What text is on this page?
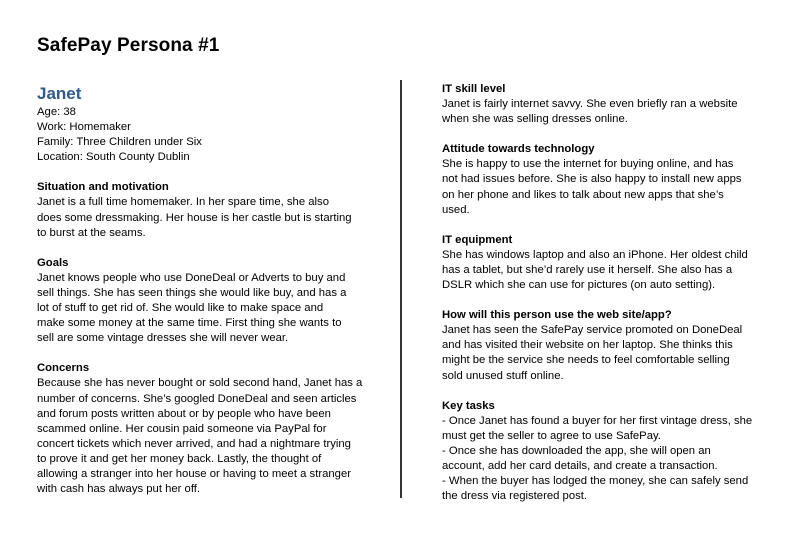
SafePay Persona #1
Janet
Age: 38
Work: Homemaker
Family: Three Children under Six
Location: South County Dublin
Situation and motivation
Janet is a full time homemaker. In her spare time, she also
does some dressmaking. Her house is her castle but is starting
to burst at the seams.
Goals
Janet knows people who use DoneDeal or Adverts to buy and
sell things. She has seen things she would like buy, and has a
lot of stuff to get rid of. She would like to make space and
make some money at the same time. First thing she wants to
sell are some vintage dresses she will never wear.
Concerns
Because she has never bought or sold second hand, Janet has a
number of concerns. She’s googled DoneDeal and seen articles
and forum posts written about or by people who have been
scammed online. Her cousin paid someone via PayPal for
concert tickets which never arrived, and had a nightmare trying
to prove it and get her money back. Lastly, the thought of
allowing a stranger into her house or having to meet a stranger
with cash has always put her off.
IT skill level
Janet is fairly internet savvy. She even briefly ran a website
when she was selling dresses online.
Attitude towards technology
She is happy to use the internet for buying online, and has
not had issues before. She is also happy to install new apps
on her phone and likes to talk about new apps that she’s
used.
IT equipment
She has windows laptop and also an iPhone. Her oldest child
has a tablet, but she’d rarely use it herself. She also has a
DSLR which she can use for pictures (on auto setting).
How will this person use the web site/app?
Janet has seen the SafePay service promoted on DoneDeal
and has visited their website on her laptop. She thinks this
might be the service she needs to feel comfortable selling
sold unused stuff online.
Key tasks
- Once Janet has found a buyer for her first vintage dress, she
must get the seller to agree to use SafePay.
- Once she has downloaded the app, she will open an
account, add her card details, and create a transaction.
- When the buyer has lodged the money, she can safely send
the dress via registered post.
